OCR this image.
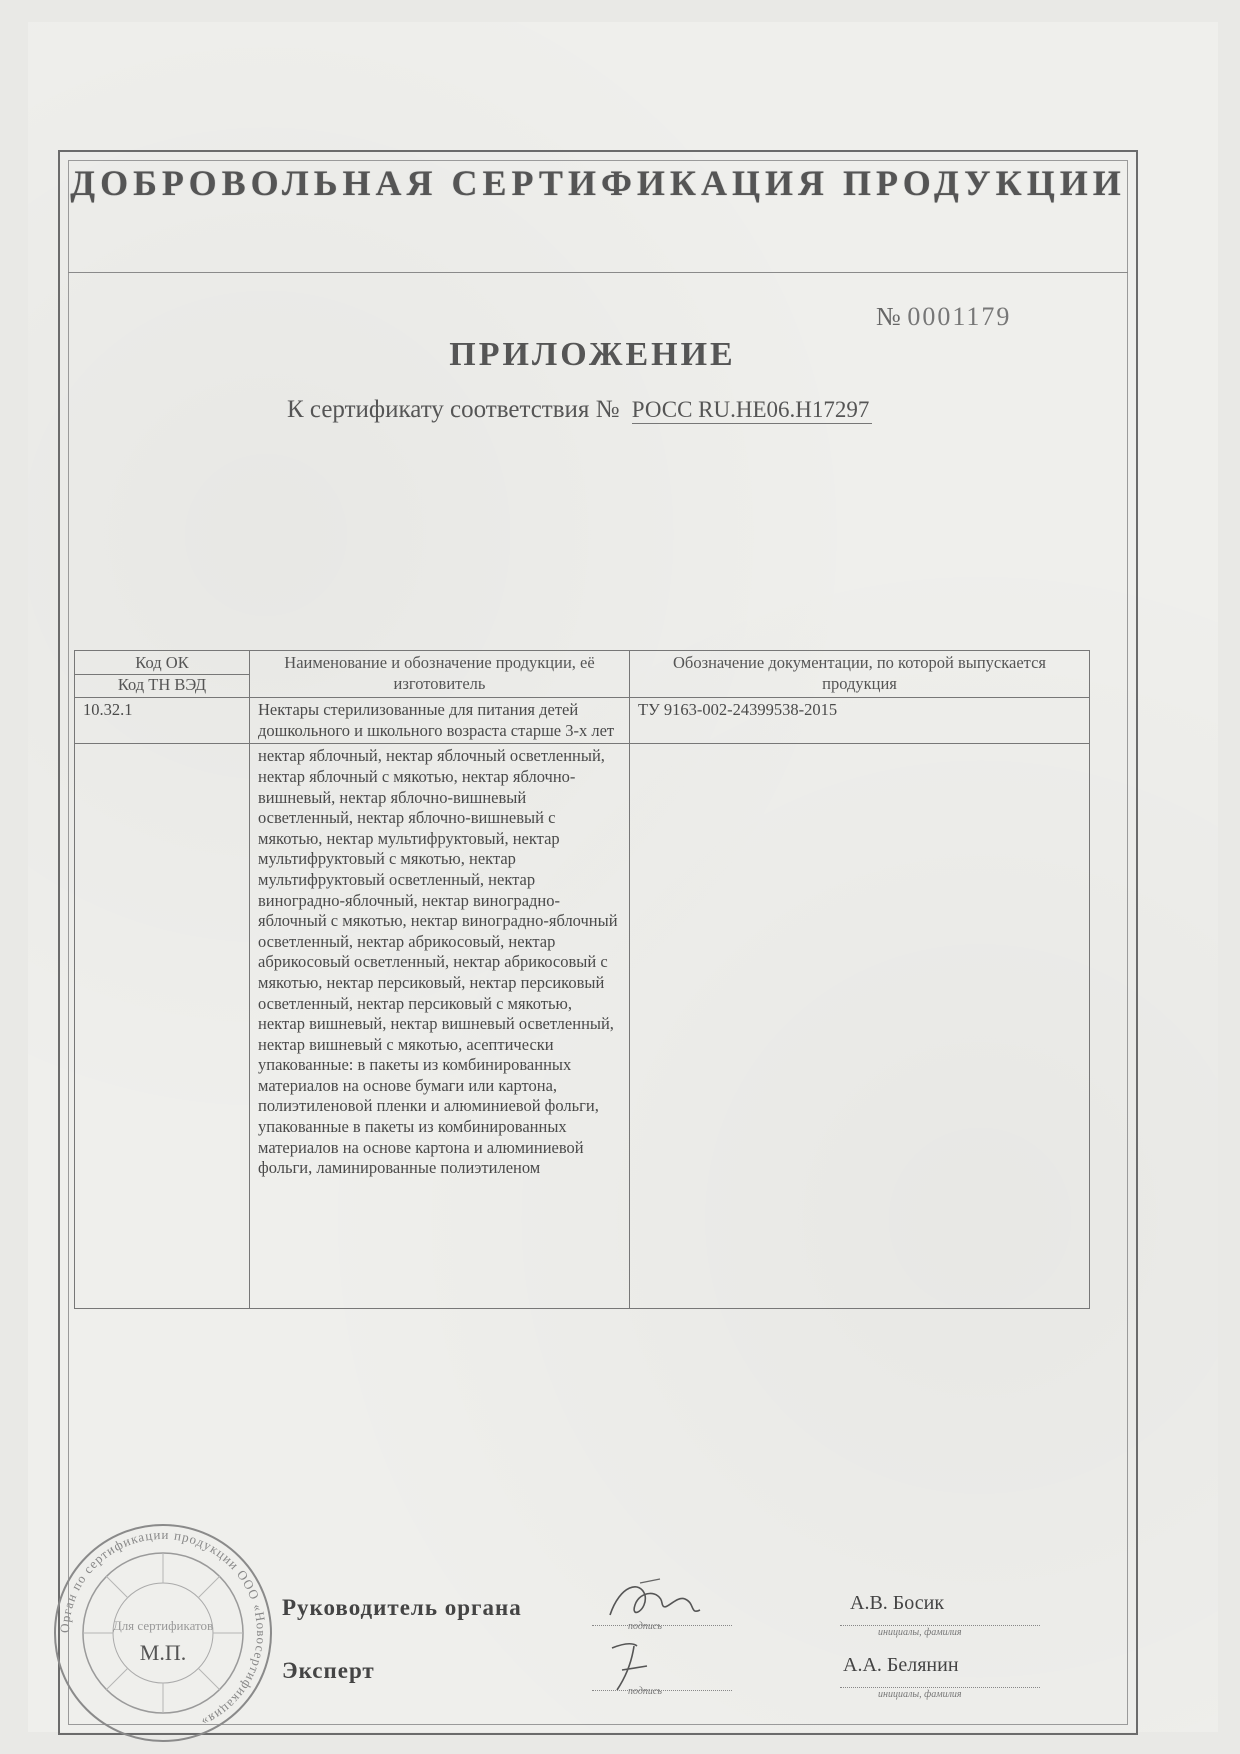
ДОБРОВОЛЬНАЯ СЕРТИФИКАЦИЯ ПРОДУКЦИИ
№ 0001179
ПРИЛОЖЕНИЕ
К сертификату соответствия № РОСС RU.HE06.H17297
Код ОК
Код ТН ВЭД	Наименование и обозначение продукции, её изготовитель	Обозначение документации, по которой выпускается продукция
10.32.1	Нектары стерилизованные для питания детей дошкольного и школьного возраста старше 3-х лет	ТУ 9163-002-24399538-2015
	нектар яблочный, нектар яблочный осветленный, нектар яблочный с мякотью, нектар яблочно-вишневый, нектар яблочно-вишневый осветленный, нектар яблочно-вишневый с мякотью, нектар мультифруктовый, нектар мультифруктовый с мякотью, нектар мультифруктовый осветленный, нектар виноградно-яблочный, нектар виноградно-яблочный с мякотью, нектар виноградно-яблочный осветленный, нектар абрикосовый, нектар абрикосовый осветленный, нектар абрикосовый с мякотью, нектар персиковый, нектар персиковый осветленный, нектар персиковый с мякотью, нектар вишневый, нектар вишневый осветленный, нектар вишневый с мякотью, асептически упакованные: в пакеты из комбинированных материалов на основе бумаги или картона, полиэтиленовой пленки и алюминиевой фольги, упакованные в пакеты из комбинированных материалов на основе картона и алюминиевой фольги, ламинированные полиэтиленом	
Орган по сертификации продукции ООО «Новосертификация»
Для сертификатов
М.П.
Руководитель органа
Эксперт
подпись
подпись
А.В. Босик
инициалы, фамилия
А.А. Белянин
инициалы, фамилия
